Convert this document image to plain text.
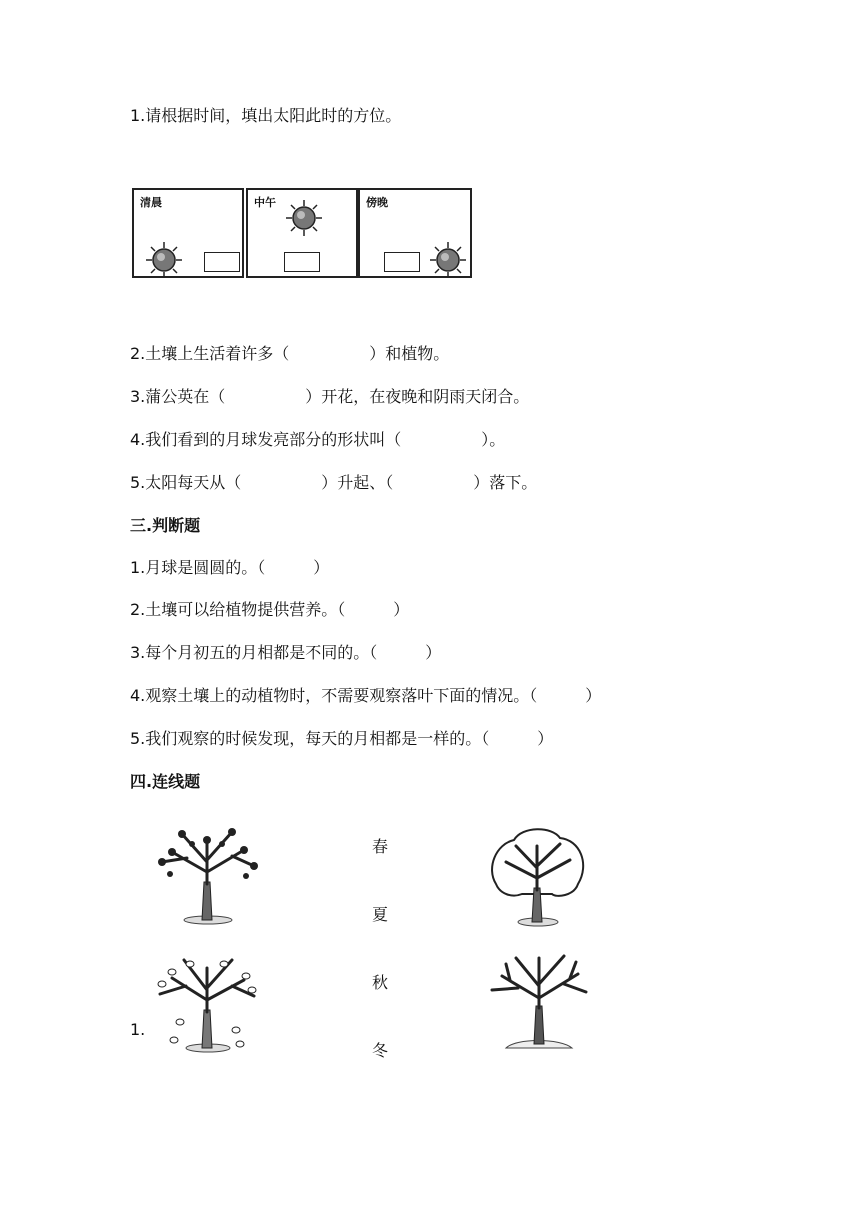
1.请根据时间，填出太阳此时的方位。
清晨	中午	傍晚
2.土壤上生活着许多（　　　　　）和植物。
3.蒲公英在（　　　　　）开花，在夜晚和阴雨天闭合。
4.我们看到的月球发亮部分的形状叫（　　　　　）。
5.太阳每天从（　　　　　）升起、（　　　　　）落下。
三.判断题
1.月球是圆圆的。（　　　）
2.土壤可以给植物提供营养。（　　　）
3.每个月初五的月相都是不同的。（　　　）
4.观察土壤上的动植物时，不需要观察落叶下面的情况。（　　　）
5.我们观察的时候发现，每天的月相都是一样的。（　　　）
四.连线题
春
夏
秋
冬
1.
